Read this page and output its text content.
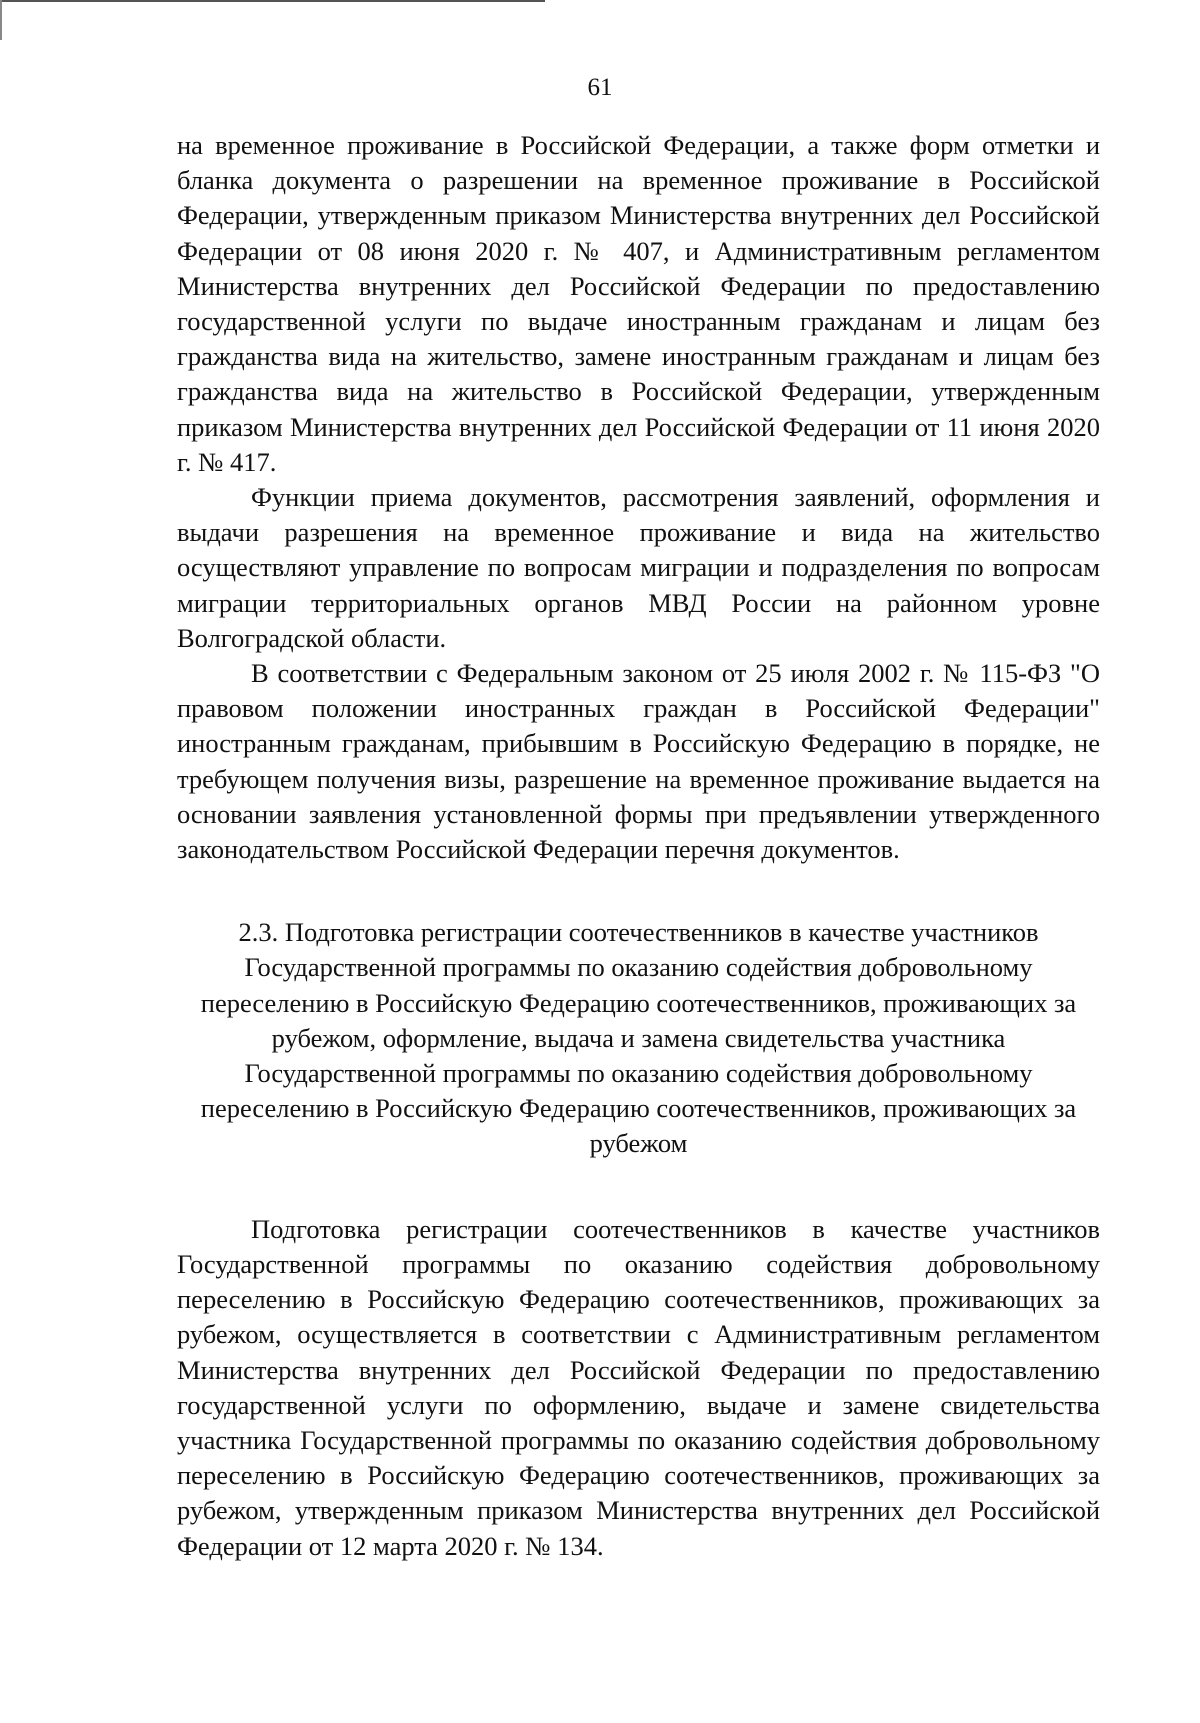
61

на временное проживание в Российской Федерации, а также форм отметки и бланка документа о разрешении на временное проживание в Российской Федерации, утвержденным приказом Министерства внутренних дел Российской Федерации от 08 июня 2020 г. № 407, и Административным регламентом Министерства внутренних дел Российской Федерации по предоставлению государственной услуги по выдаче иностранным гражданам и лицам без гражданства вида на жительство, замене иностранным гражданам и лицам без гражданства вида на жительство в Российской Федерации, утвержденным приказом Министерства внутренних дел Российской Федерации от 11 июня 2020 г. № 417.

Функции приема документов, рассмотрения заявлений, оформления и выдачи разрешения на временное проживание и вида на жительство осуществляют управление по вопросам миграции и подразделения по вопросам миграции территориальных органов МВД России на районном уровне Волгоградской области.

В соответствии с Федеральным законом от 25 июля 2002 г. № 115-ФЗ "О правовом положении иностранных граждан в Российской Федерации" иностранным гражданам, прибывшим в Российскую Федерацию в порядке, не требующем получения визы, разрешение на временное проживание выдается на основании заявления установленной формы при предъявлении утвержденного законодательством Российской Федерации перечня документов.

2.3. Подготовка регистрации соотечественников в качестве участников Государственной программы по оказанию содействия добровольному переселению в Российскую Федерацию соотечественников, проживающих за рубежом, оформление, выдача и замена свидетельства участника Государственной программы по оказанию содействия добровольному переселению в Российскую Федерацию соотечественников, проживающих за рубежом

Подготовка регистрации соотечественников в качестве участников Государственной программы по оказанию содействия добровольному переселению в Российскую Федерацию соотечественников, проживающих за рубежом, осуществляется в соответствии с Административным регламентом Министерства внутренних дел Российской Федерации по предоставлению государственной услуги по оформлению, выдаче и замене свидетельства участника Государственной программы по оказанию содействия добровольному переселению в Российскую Федерацию соотечественников, проживающих за рубежом, утвержденным приказом Министерства внутренних дел Российской Федерации от 12 марта 2020 г. № 134.
